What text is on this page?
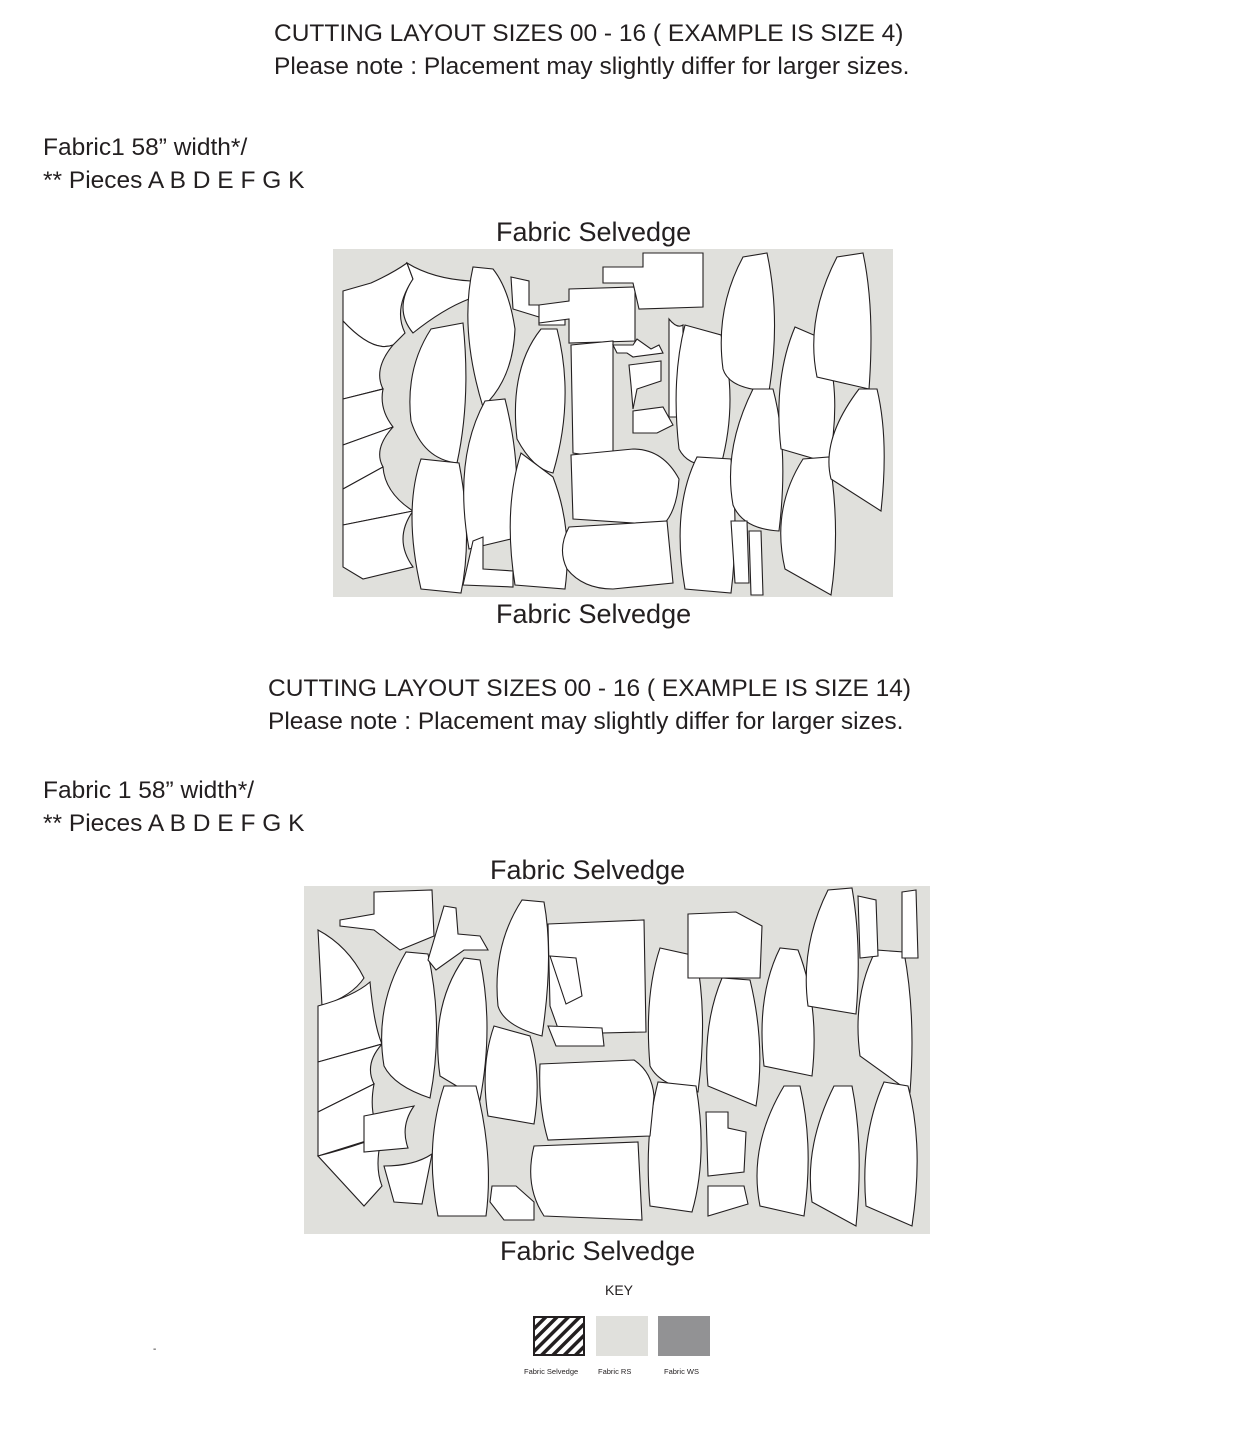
CUTTING LAYOUT SIZES 00 - 16 ( EXAMPLE IS SIZE 4)
Please note : Placement may slightly differ for larger sizes.
Fabric1 58” width*/
** Pieces A B D E F G K
Fabric Selvedge
Fabric Selvedge
CUTTING LAYOUT SIZES 00 - 16 ( EXAMPLE IS SIZE 14)
Please note : Placement may slightly differ for larger sizes.
Fabric 1 58” width*/
** Pieces A B D E F G K
Fabric Selvedge
Fabric Selvedge
KEY
Fabric Selvedge	Fabric RS	Fabric WS
-
